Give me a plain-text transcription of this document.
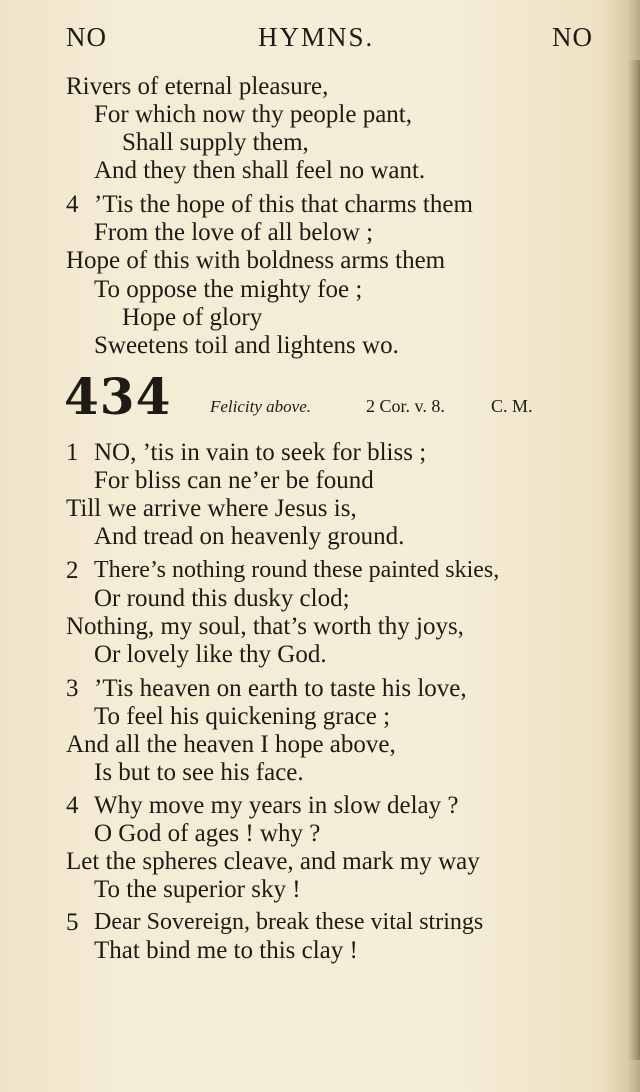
NO	HYMNS.	NO
Rivers of eternal pleasure,
For which now thy people pant,
Shall supply them,
And they then shall feel no want.
4 ’Tis the hope of this that charms them
From the love of all below ;
Hope of this with boldness arms them
To oppose the mighty foe ;
Hope of glory
Sweetens toil and lightens wo.
434 Felicity above.	2 Cor. v. 8.	C. M.
1 NO, ’tis in vain to seek for bliss ;
For bliss can ne’er be found
Till we arrive where Jesus is,
And tread on heavenly ground.
2 There’s nothing round these painted skies,
Or round this dusky clod;
Nothing, my soul, that’s worth thy joys,
Or lovely like thy God.
3 ’Tis heaven on earth to taste his love,
To feel his quickening grace ;
And all the heaven I hope above,
Is but to see his face.
4 Why move my years in slow delay ?
O God of ages ! why ?
Let the spheres cleave, and mark my way
To the superior sky !
5 Dear Sovereign, break these vital strings
That bind me to this clay !
